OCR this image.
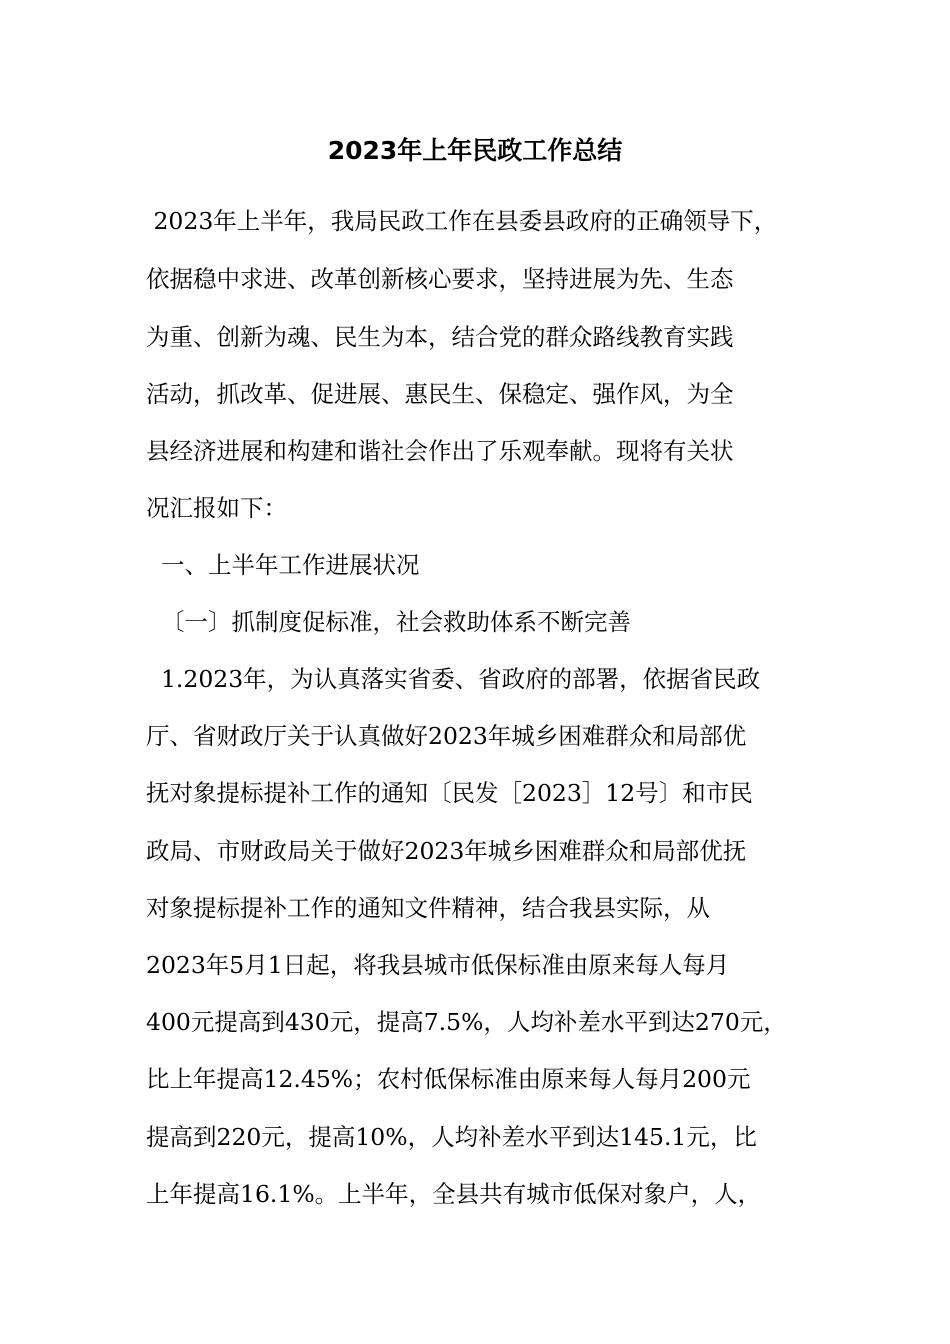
2023年上年民政工作总结

2023年上半年，我局民政工作在县委县政府的正确领导下，

依据稳中求进、改革创新核心要求，坚持进展为先、生态

为重、创新为魂、民生为本，结合党的群众路线教育实践

活动，抓改革、促进展、惠民生、保稳定、强作风，为全

县经济进展和构建和谐社会作出了乐观奉献。现将有关状

况汇报如下：

一、上半年工作进展状况

〔一〕抓制度促标准，社会救助体系不断完善

1.2023年，为认真落实省委、省政府的部署，依据省民政

厅、省财政厅关于认真做好2023年城乡困难群众和局部优

抚对象提标提补工作的通知〔民发［2023］12号〕和市民

政局、市财政局关于做好2023年城乡困难群众和局部优抚

对象提标提补工作的通知文件精神，结合我县实际，从

2023年5月1日起，将我县城市低保标准由原来每人每月

400元提高到430元，提高7.5%，人均补差水平到达270元，

比上年提高12.45%；农村低保标准由原来每人每月200元

提高到220元，提高10%，人均补差水平到达145.1元，比

上年提高16.1%。上半年，全县共有城市低保对象户，人，
